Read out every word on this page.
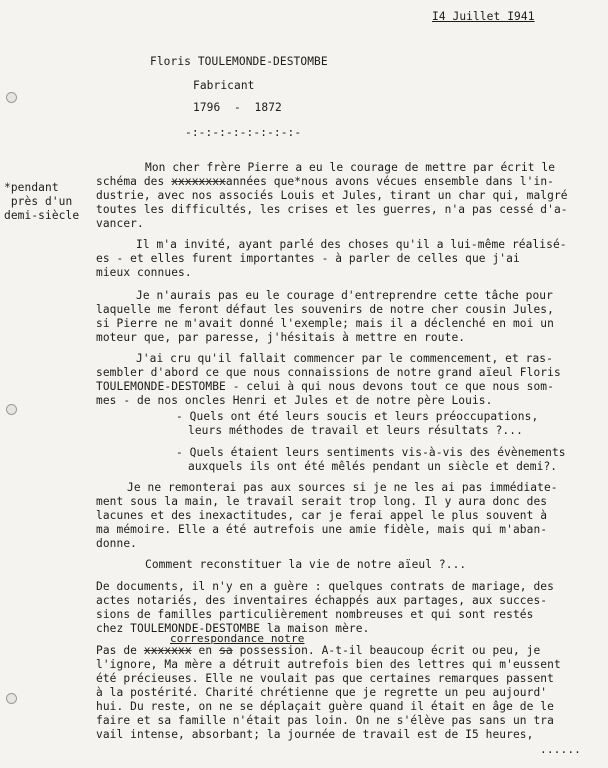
I4 Juillet I941
Floris TOULEMONDE-DESTOMBE
Fabricant
1796  -  1872
-:-:-:-:-:-:-:-:-
*pendant
près d'un
demi-siècle
Mon cher frère Pierre a eu le courage de mettre par écrit le
schéma des xxxxxxxxannées que*nous avons vécues ensemble dans l'in-
dustrie, avec nos associés Louis et Jules, tirant un char qui, malgré
toutes les difficultés, les crises et les guerres, n'a pas cessé d'a-
vancer.
Il m'a invité, ayant parlé des choses qu'il a lui-même réalisé-
es - et elles furent importantes - à parler de celles que j'ai
mieux connues.
Je n'aurais pas eu le courage d'entreprendre cette tâche pour
laquelle me feront défaut les souvenirs de notre cher cousin Jules,
si Pierre ne m'avait donné l'exemple; mais il a déclenché en moi un
moteur que, par paresse, j'hésitais à mettre en route.
J'ai cru qu'il fallait commencer par le commencement, et ras-
sembler d'abord ce que nous connaissions de notre grand aïeul Floris
TOULEMONDE-DESTOMBE - celui à qui nous devons tout ce que nous som-
mes - de nos oncles Henri et Jules et de notre père Louis.
- Quels ont été leurs soucis et leurs préoccupations,
leurs méthodes de travail et leurs résultats ?...
- Quels étaient leurs sentiments vis-à-vis des évènements
auxquels ils ont été mêlés pendant un siècle et demi?.
Je ne remonterai pas aux sources si je ne les ai pas immédiate-
ment sous la main, le travail serait trop long. Il y aura donc des
lacunes et des inexactitudes, car je ferai appel le plus souvent à
ma mémoire. Elle a été autrefois une amie fidèle, mais qui m'aban-
donne.
Comment reconstituer la vie de notre aïeul ?...
De documents, il n'y en a guère : quelques contrats de mariage, des
actes notariés, des inventaires échappés aux partages, aux succes-
sions de familles particulièrement nombreuses et qui sont restés
chez TOULEMONDE-DESTOMBE la maison mère.
correspondance notre
Pas de xxxxxxx en sa possession. A-t-il beaucoup écrit ou peu, je
l'ignore, Ma mère a détruit autrefois bien des lettres qui m'eussent
été précieuses. Elle ne voulait pas que certaines remarques passent
à la postérité. Charité chrétienne que je regrette un peu aujourd'
hui. Du reste, on ne se déplaçait guère quand il était en âge de le
faire et sa famille n'était pas loin. On ne s'élève pas sans un tra
vail intense, absorbant; la journée de travail est de I5 heures,
......
